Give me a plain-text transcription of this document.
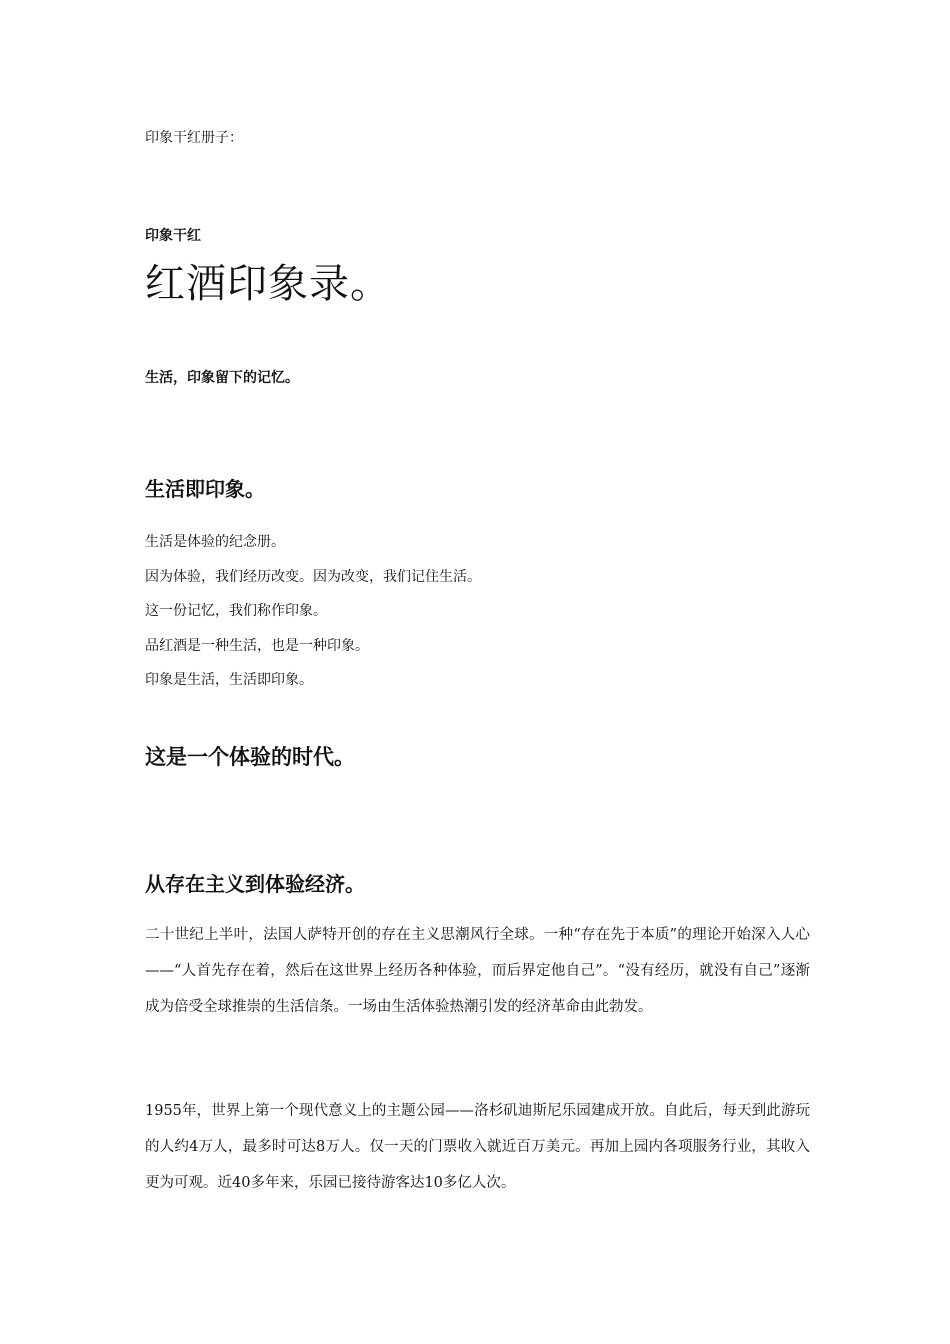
印象干红册子：

印象干红

红酒印象录。

生活，印象留下的记忆。

生活即印象。
生活是体验的纪念册。
因为体验，我们经历改变。因为改变，我们记住生活。
这一份记忆，我们称作印象。
品红酒是一种生活，也是一种印象。
印象是生活，生活即印象。
这是一个体验的时代。
从存在主义到体验经济。

二十世纪上半叶，法国人萨特开创的存在主义思潮风行全球。一种“存在先于本质”的理论开始深入人心——“人首先存在着，然后在这世界上经历各种体验，而后界定他自己”。“没有经历，就没有自己”逐渐成为倍受全球推崇的生活信条。一场由生活体验热潮引发的经济革命由此勃发。

1955年，世界上第一个现代意义上的主题公园——洛杉矶迪斯尼乐园建成开放。自此后，每天到此游玩的人约4万人，最多时可达8万人。仅一天的门票收入就近百万美元。再加上园内各项服务行业，其收入更为可观。近40多年来，乐园已接待游客达10多亿人次。
